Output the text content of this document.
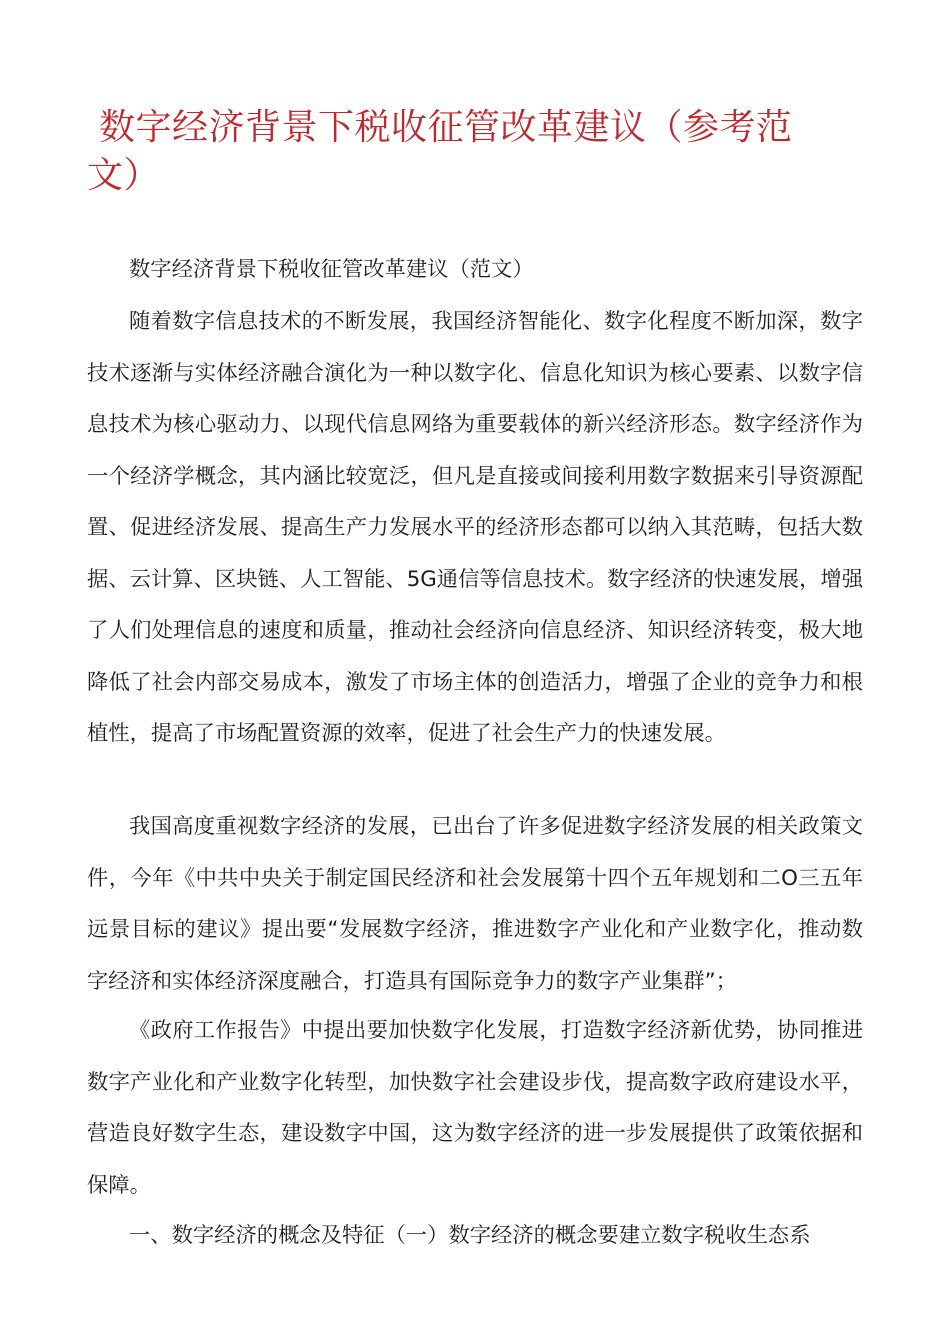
数字经济背景下税收征管改革建议（参考范文）

数字经济背景下税收征管改革建议（范文）

随着数字信息技术的不断发展，我国经济智能化、数字化程度不断加深，数字技术逐渐与实体经济融合演化为一种以数字化、信息化知识为核心要素、以数字信息技术为核心驱动力、以现代信息网络为重要载体的新兴经济形态。数字经济作为一个经济学概念，其内涵比较宽泛，但凡是直接或间接利用数字数据来引导资源配置、促进经济发展、提高生产力发展水平的经济形态都可以纳入其范畴，包括大数据、云计算、区块链、人工智能、5G通信等信息技术。数字经济的快速发展，增强了人们处理信息的速度和质量，推动社会经济向信息经济、知识经济转变，极大地降低了社会内部交易成本，激发了市场主体的创造活力，增强了企业的竞争力和根植性，提高了市场配置资源的效率，促进了社会生产力的快速发展。

我国高度重视数字经济的发展，已出台了许多促进数字经济发展的相关政策文件，今年《中共中央关于制定国民经济和社会发展第十四个五年规划和二O三五年远景目标的建议》提出要“发展数字经济，推进数字产业化和产业数字化，推动数字经济和实体经济深度融合，打造具有国际竞争力的数字产业集群”；

《政府工作报告》中提出要加快数字化发展，打造数字经济新优势，协同推进数字产业化和产业数字化转型，加快数字社会建设步伐，提高数字政府建设水平，营造良好数字生态，建设数字中国，这为数字经济的进一步发展提供了政策依据和保障。

一、数字经济的概念及特征（一）数字经济的概念要建立数字税收生态系
